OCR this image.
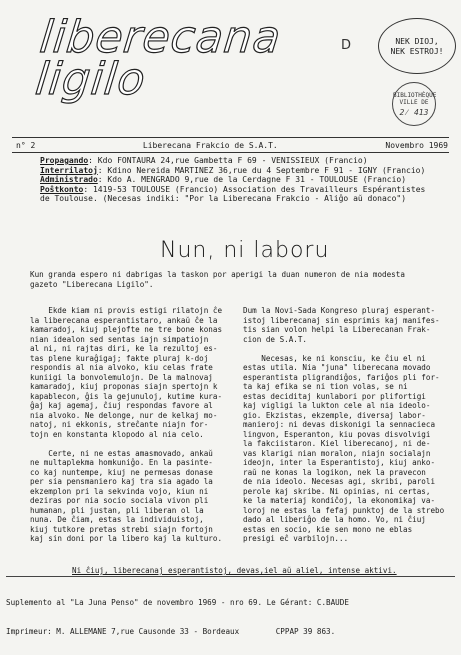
liberecana
ligilo
D	NEK DIOJ,
NEK ESTROJ!
BIBLIOTHÈQUE
VILLE DE
2⁄ 413
n° 2	Liberecana Frakcio de S.A.T.	Novembro 1969
Propagando: Kdo FONTAURA 24,rue Gambetta F 69 - VENISSIEUX (Francio)
Interrilatoj: Kdino Nereida MARTINEZ 36,rue du 4 Septembre F 91 - IGNY (Francio)
Administrado: Kdo A. MENGRADO 9,rue de la Cerdagne F 31 - TOULOUSE (Francio)
Poŝtkonto: 1419-53 TOULOUSE (Francio) Association des Travailleurs Espérantistes
de Toulouse. (Necesas indiki: "Por la Liberecana Frakcio - Aliĝo aŭ donaco")
Nun, ni laboru
Kun granda espero ni dabrigas la taskon por aperigi la duan numeron de nia modesta
gazeto "Liberecana Ligilo".
Ekde kiam ni provis estigi rilatojn ĉe
la liberecana esperantistaro, ankaŭ ĉe la
kamaradoj, kiuj plejofte ne tre bone konas
nian idealon sed sentas iajn simpatiojn
al ni, ni rajtas diri, ke la rezultoj es-
tas plene kuraĝigaj; fakte pluraj k-doj
respondis al nia alvoko, kiu celas frate
kuniigi la bonvolemulojn. De la malnovaj
kamaradoj, kiuj proponas siajn spertojn k
kapablecon, ĝis la gejunuloj, kutime kura-
ĝaj kaj agemaj, ĉiuj respondas favore al
nia alvoko. Ne delonge, nur de kelkaj mo-
natoj, ni ekkonis, streĉante niajn for-
tojn en konstanta klopodo al nia celo.

Certe, ni ne estas amasmovado, ankaŭ
ne multaplekma homkuniĝo. En la pasinte-
co kaj nuntempe, kiuj ne permesas donase
per sia pensmaniero kaj tra sia agado la
ekzemplon pri la sekvinda vojo, kiun ni
deziras por nia socio sociala vivon pli
humanan, pli justan, pli liberan ol la
nuna. De ĉiam, estas la individuistoj,
kiuj tutkore pretas strebi siajn fortojn
kaj sin doni por la libero kaj la kulturo.
Dum la Novi-Sada Kongreso pluraj esperant-
istoj liberecanaj sin esprimis kaj manifes-
tis sian volon helpi la Liberecanan Frak-
cion de S.A.T.

Necesas, ke ni konsciu, ke ĉiu el ni
estas utila. Nia "juna" liberecana movado
esperantista pligrandiĝos, fariĝos pli for-
ta kaj efika se ni tion volas, se ni
estas deciditaj kunlabori por plifortigi
kaj vigligi la lukton cele al nia ideolo-
gio. Ekzistas, ekzemple, diversaj labor-
manieroj: ni devas diskonigi la sennacieca
lingvon, Esperanton, kiu povas disvolvigi
la fakciistaron. Kiel liberecanoj, ni de-
vas klarigi nian moralon, niajn socialajn
ideojn, inter la Esperantistoj, kiuj anko-
raŭ ne konas la logikon, nek la pravecon
de nia ideolo. Necesas agi, skribi, paroli
perole kaj skribe. Ni opinias, ni certas,
ke la materiaj kondiĉoj, la ekonomikaj va-
loroj ne estas la fefaj punktoj de la strebo
dado al liberiĝo de la homo. Vo, ni ĉiuj
estas en socio, kie sen mono ne eblas
presigi eĉ varbilojn...
Ni ĉiuj, liberecanaj esperantistoj, devas,iel aŭ aliel, intense aktivi.

Suplemento al "La Juna Penso" de novembro 1969 - nro 69. Le Gérant: C.BAUDE

Imprimeur: M. ALLEMANE 7,rue Causonde 33 - Bordeaux        CPPAP 39 863.
